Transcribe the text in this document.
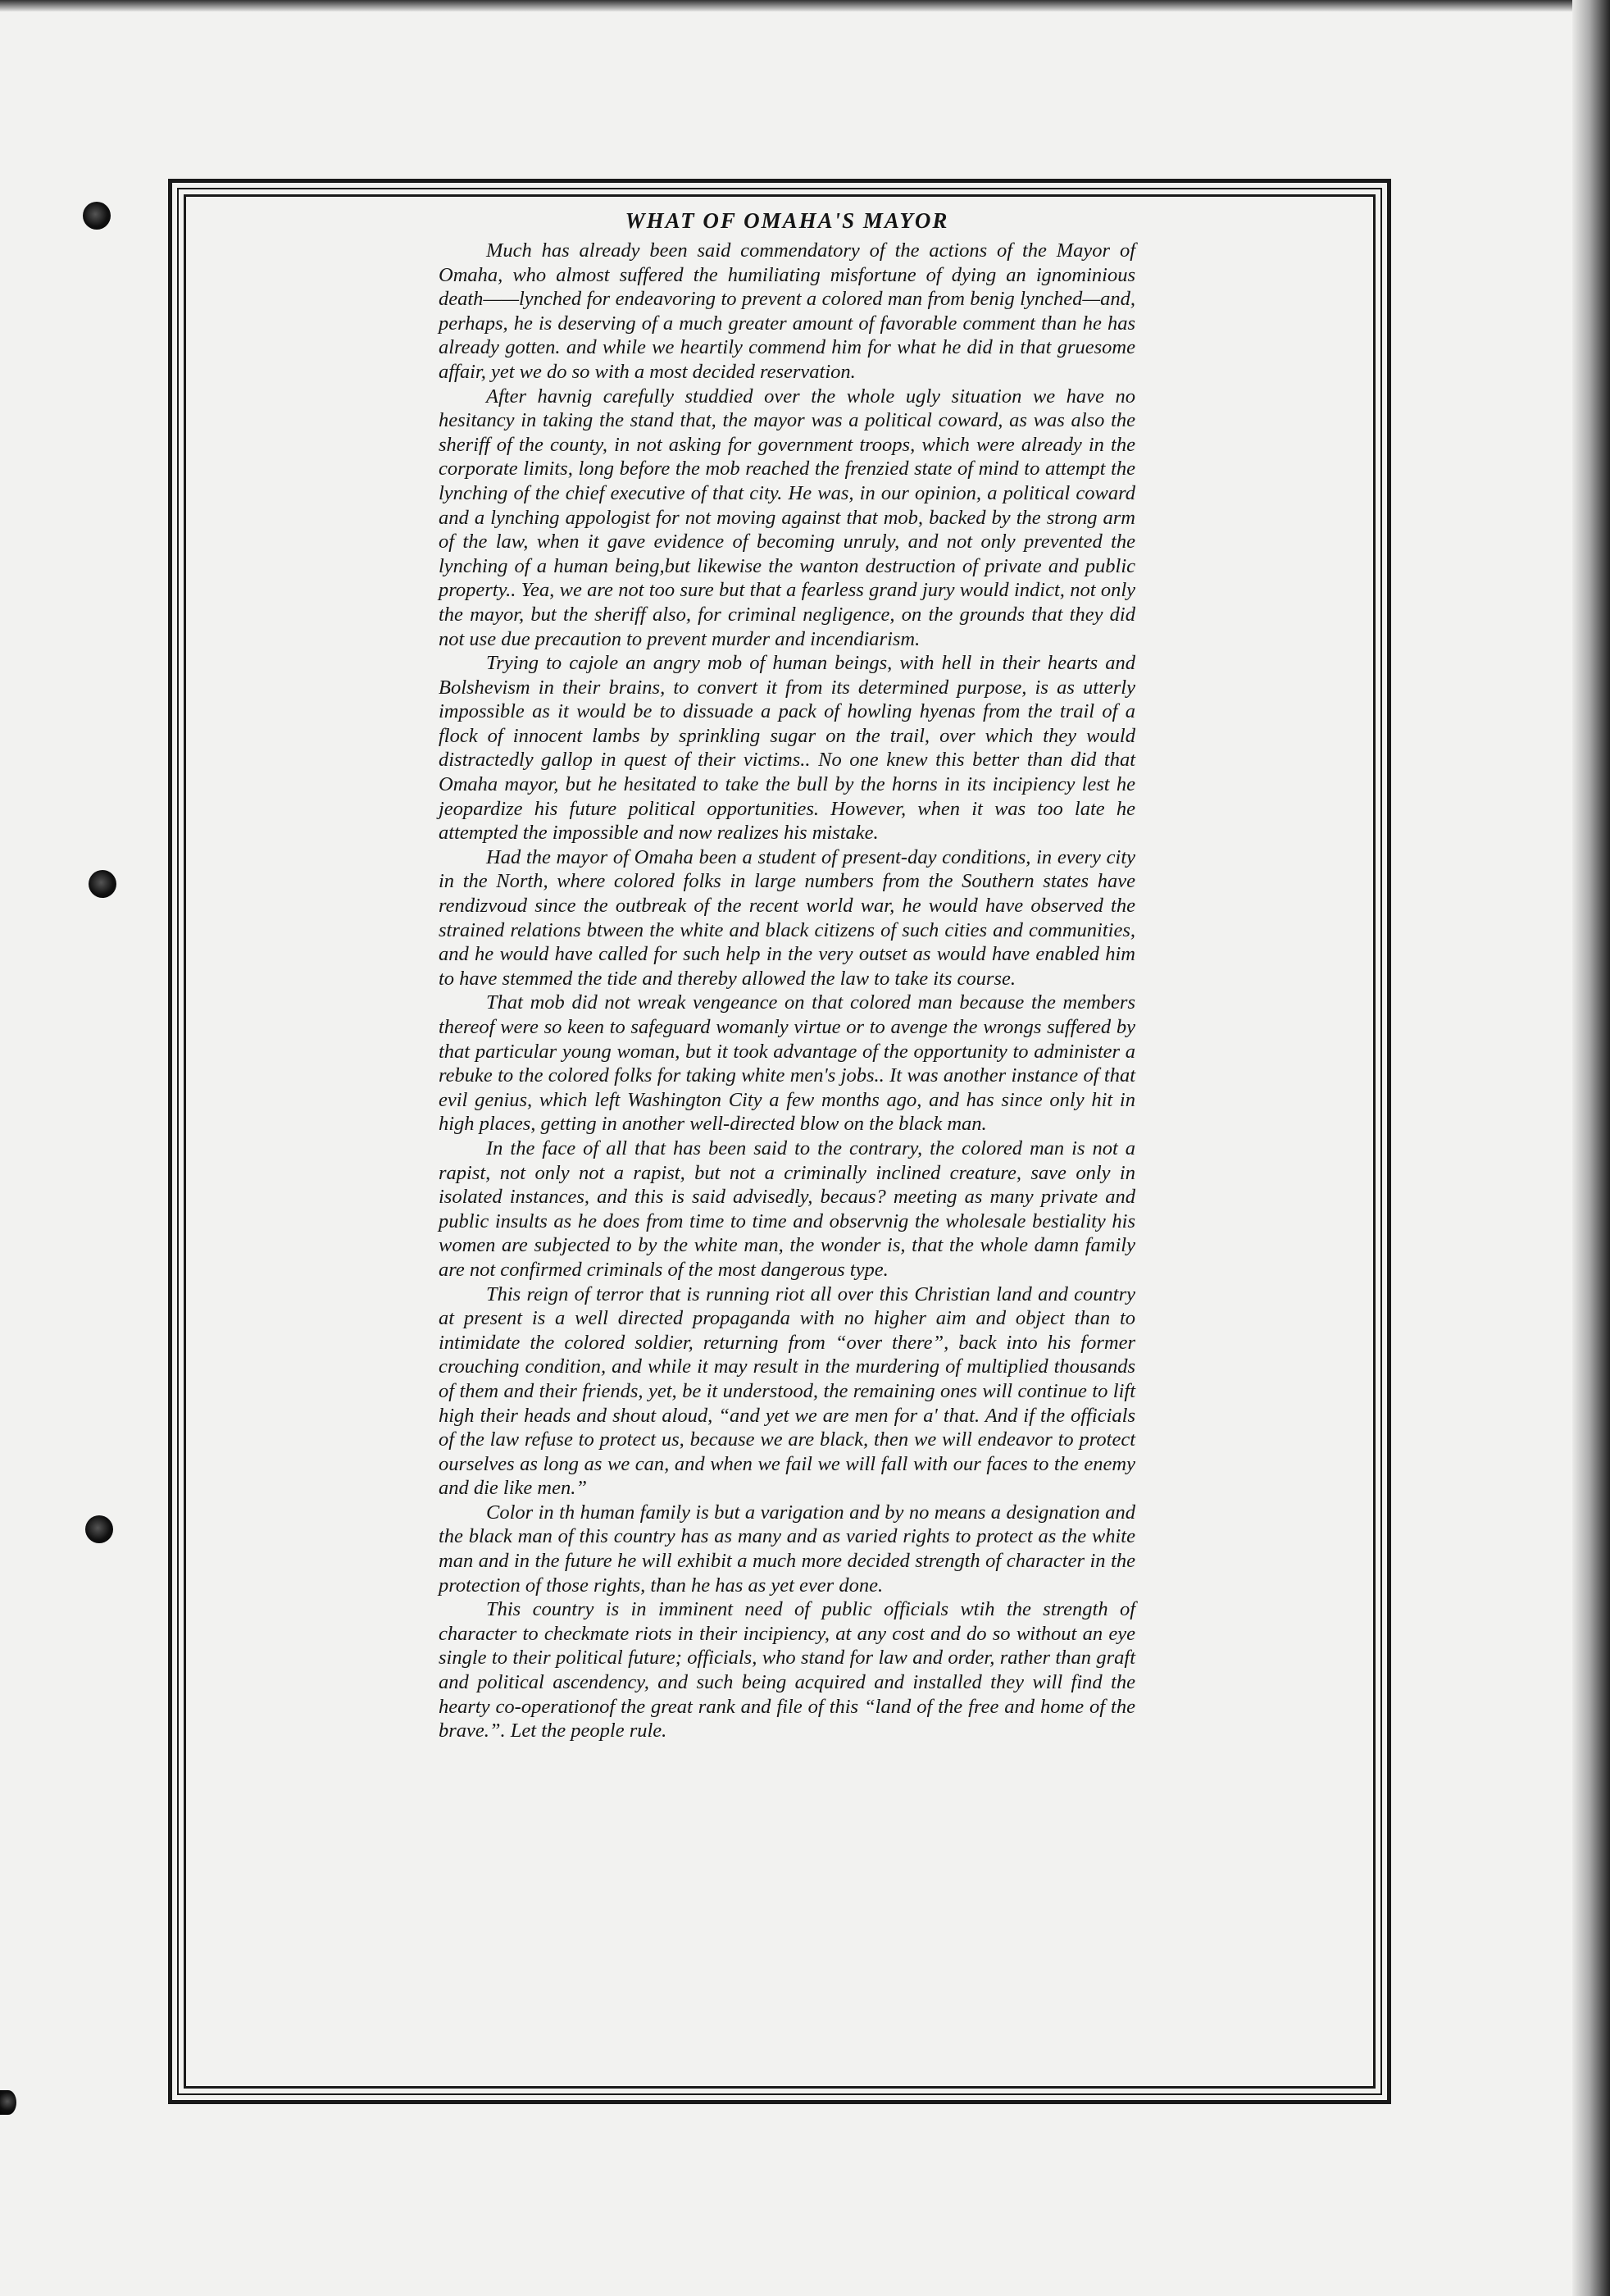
WHAT OF OMAHA'S MAYOR

Much has already been said commendatory of the actions of the Mayor of Omaha, who almost suffered the humiliating misfortune of dying an ignominious death——lynched for endeavoring to prevent a colored man from benig lynched—and, perhaps, he is deserving of a much greater amount of favorable comment than he has already gotten. and while we heartily commend him for what he did in that gruesome affair, yet we do so with a most decided reservation.

After havnig carefully studdied over the whole ugly situation we have no hesitancy in taking the stand that, the mayor was a political coward, as was also the sheriff of the county, in not asking for government troops, which were already in the corporate limits, long before the mob reached the frenzied state of mind to attempt the lynching of the chief executive of that city. He was, in our opinion, a political coward and a lynching appologist for not moving against that mob, backed by the strong arm of the law, when it gave evidence of becoming unruly, and not only prevented the lynching of a human being,but likewise the wanton destruction of private and public property.. Yea, we are not too sure but that a fearless grand jury would indict, not only the mayor, but the sheriff also, for criminal negligence, on the grounds that they did not use due precaution to prevent murder and incendiarism.

Trying to cajole an angry mob of human beings, with hell in their hearts and Bolshevism in their brains, to convert it from its determined purpose, is as utterly impossible as it would be to dissuade a pack of howling hyenas from the trail of a flock of innocent lambs by sprinkling sugar on the trail, over which they would distractedly gallop in quest of their victims.. No one knew this better than did that Omaha mayor, but he hesitated to take the bull by the horns in its incipiency lest he jeopardize his future political opportunities. However, when it was too late he attempted the impossible and now realizes his mistake.

Had the mayor of Omaha been a student of present-day conditions, in every city in the North, where colored folks in large numbers from the Southern states have rendizvoud since the outbreak of the recent world war, he would have observed the strained relations btween the white and black citizens of such cities and communities, and he would have called for such help in the very outset as would have enabled him to have stemmed the tide and thereby allowed the law to take its course.

That mob did not wreak vengeance on that colored man because the members thereof were so keen to safeguard womanly virtue or to avenge the wrongs suffered by that particular young woman, but it took advantage of the opportunity to administer a rebuke to the colored folks for taking white men's jobs.. It was another instance of that evil genius, which left Washington City a few months ago, and has since only hit in high places, getting in another well-directed blow on the black man.

In the face of all that has been said to the contrary, the colored man is not a rapist, not only not a rapist, but not a criminally inclined creature, save only in isolated instances, and this is said advisedly, becaus? meeting as many private and public insults as he does from time to time and observnig the wholesale bestiality his women are subjected to by the white man, the wonder is, that the whole damn family are not confirmed criminals of the most dangerous type.

This reign of terror that is running riot all over this Christian land and country at present is a well directed propaganda with no higher aim and object than to intimidate the colored soldier, returning from “over there”, back into his former crouching condition, and while it may result in the murdering of multiplied thousands of them and their friends, yet, be it understood, the remaining ones will continue to lift high their heads and shout aloud, “and yet we are men for a' that. And if the officials of the law refuse to protect us, because we are black, then we will endeavor to protect ourselves as long as we can, and when we fail we will fall with our faces to the enemy and die like men.”

Color in th human family is but a varigation and by no means a designation and the black man of this country has as many and as varied rights to protect as the white man and in the future he will exhibit a much more decided strength of character in the protection of those rights, than he has as yet ever done.

This country is in imminent need of public officials wtih the strength of character to checkmate riots in their incipiency, at any cost and do so without an eye single to their political future; officials, who stand for law and order, rather than graft and political ascendency, and such being acquired and installed they will find the hearty co-operationof the great rank and file of this “land of the free and home of the brave.”. Let the people rule.
